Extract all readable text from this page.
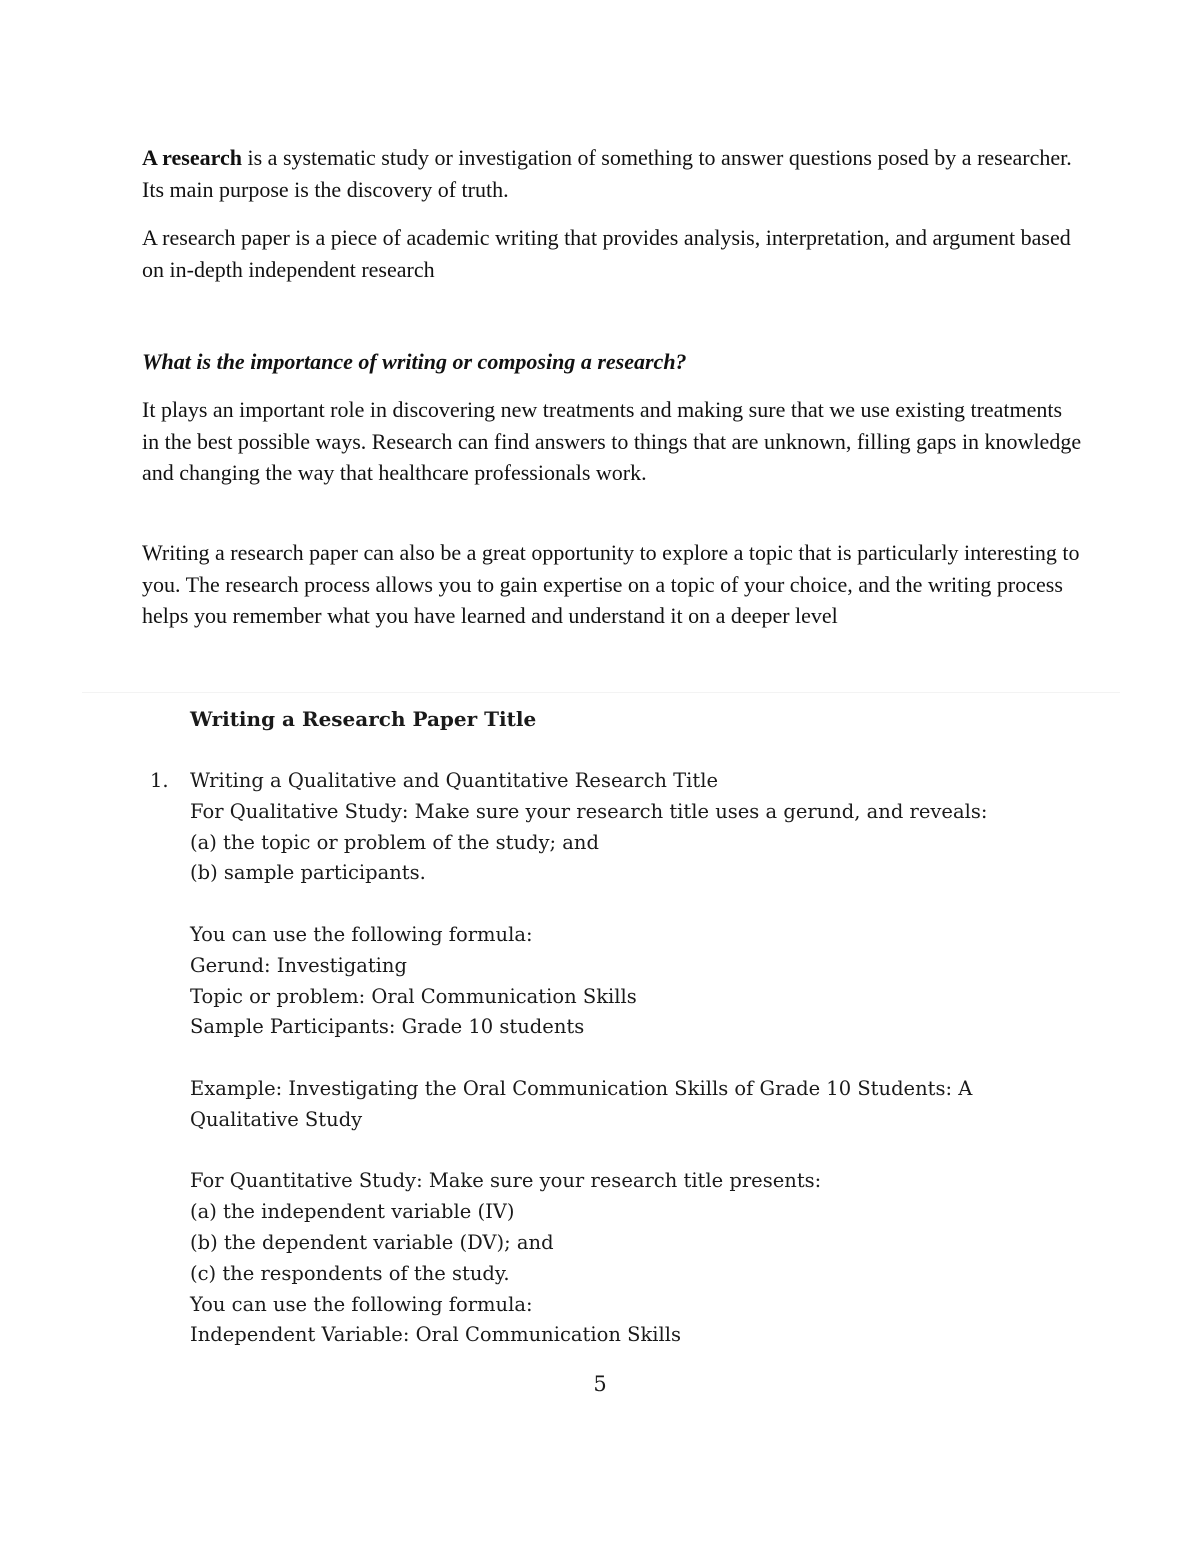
A research is a systematic study or investigation of something to answer questions posed by a researcher. Its main purpose is the discovery of truth.

A research paper is a piece of academic writing that provides analysis, interpretation, and argument based on in-depth independent research

What is the importance of writing or composing a research?

It plays an important role in discovering new treatments and making sure that we use existing treatments in the best possible ways. Research can find answers to things that are unknown, filling gaps in knowledge and changing the way that healthcare professionals work.

Writing a research paper can also be a great opportunity to explore a topic that is particularly interesting to you. The research process allows you to gain expertise on a topic of your choice, and the writing process helps you remember what you have learned and understand it on a deeper level

Writing a Research Paper Title
1. Writing a Qualitative and Quantitative Research Title
For Qualitative Study: Make sure your research title uses a gerund, and reveals:
(a) the topic or problem of the study; and
(b) sample participants.
You can use the following formula:
Gerund: Investigating
Topic or problem: Oral Communication Skills
Sample Participants: Grade 10 students
Example: Investigating the Oral Communication Skills of Grade 10 Students: A
Qualitative Study
For Quantitative Study: Make sure your research title presents:
(a) the independent variable (IV)
(b) the dependent variable (DV); and
(c) the respondents of the study.
You can use the following formula:
Independent Variable: Oral Communication Skills
5
